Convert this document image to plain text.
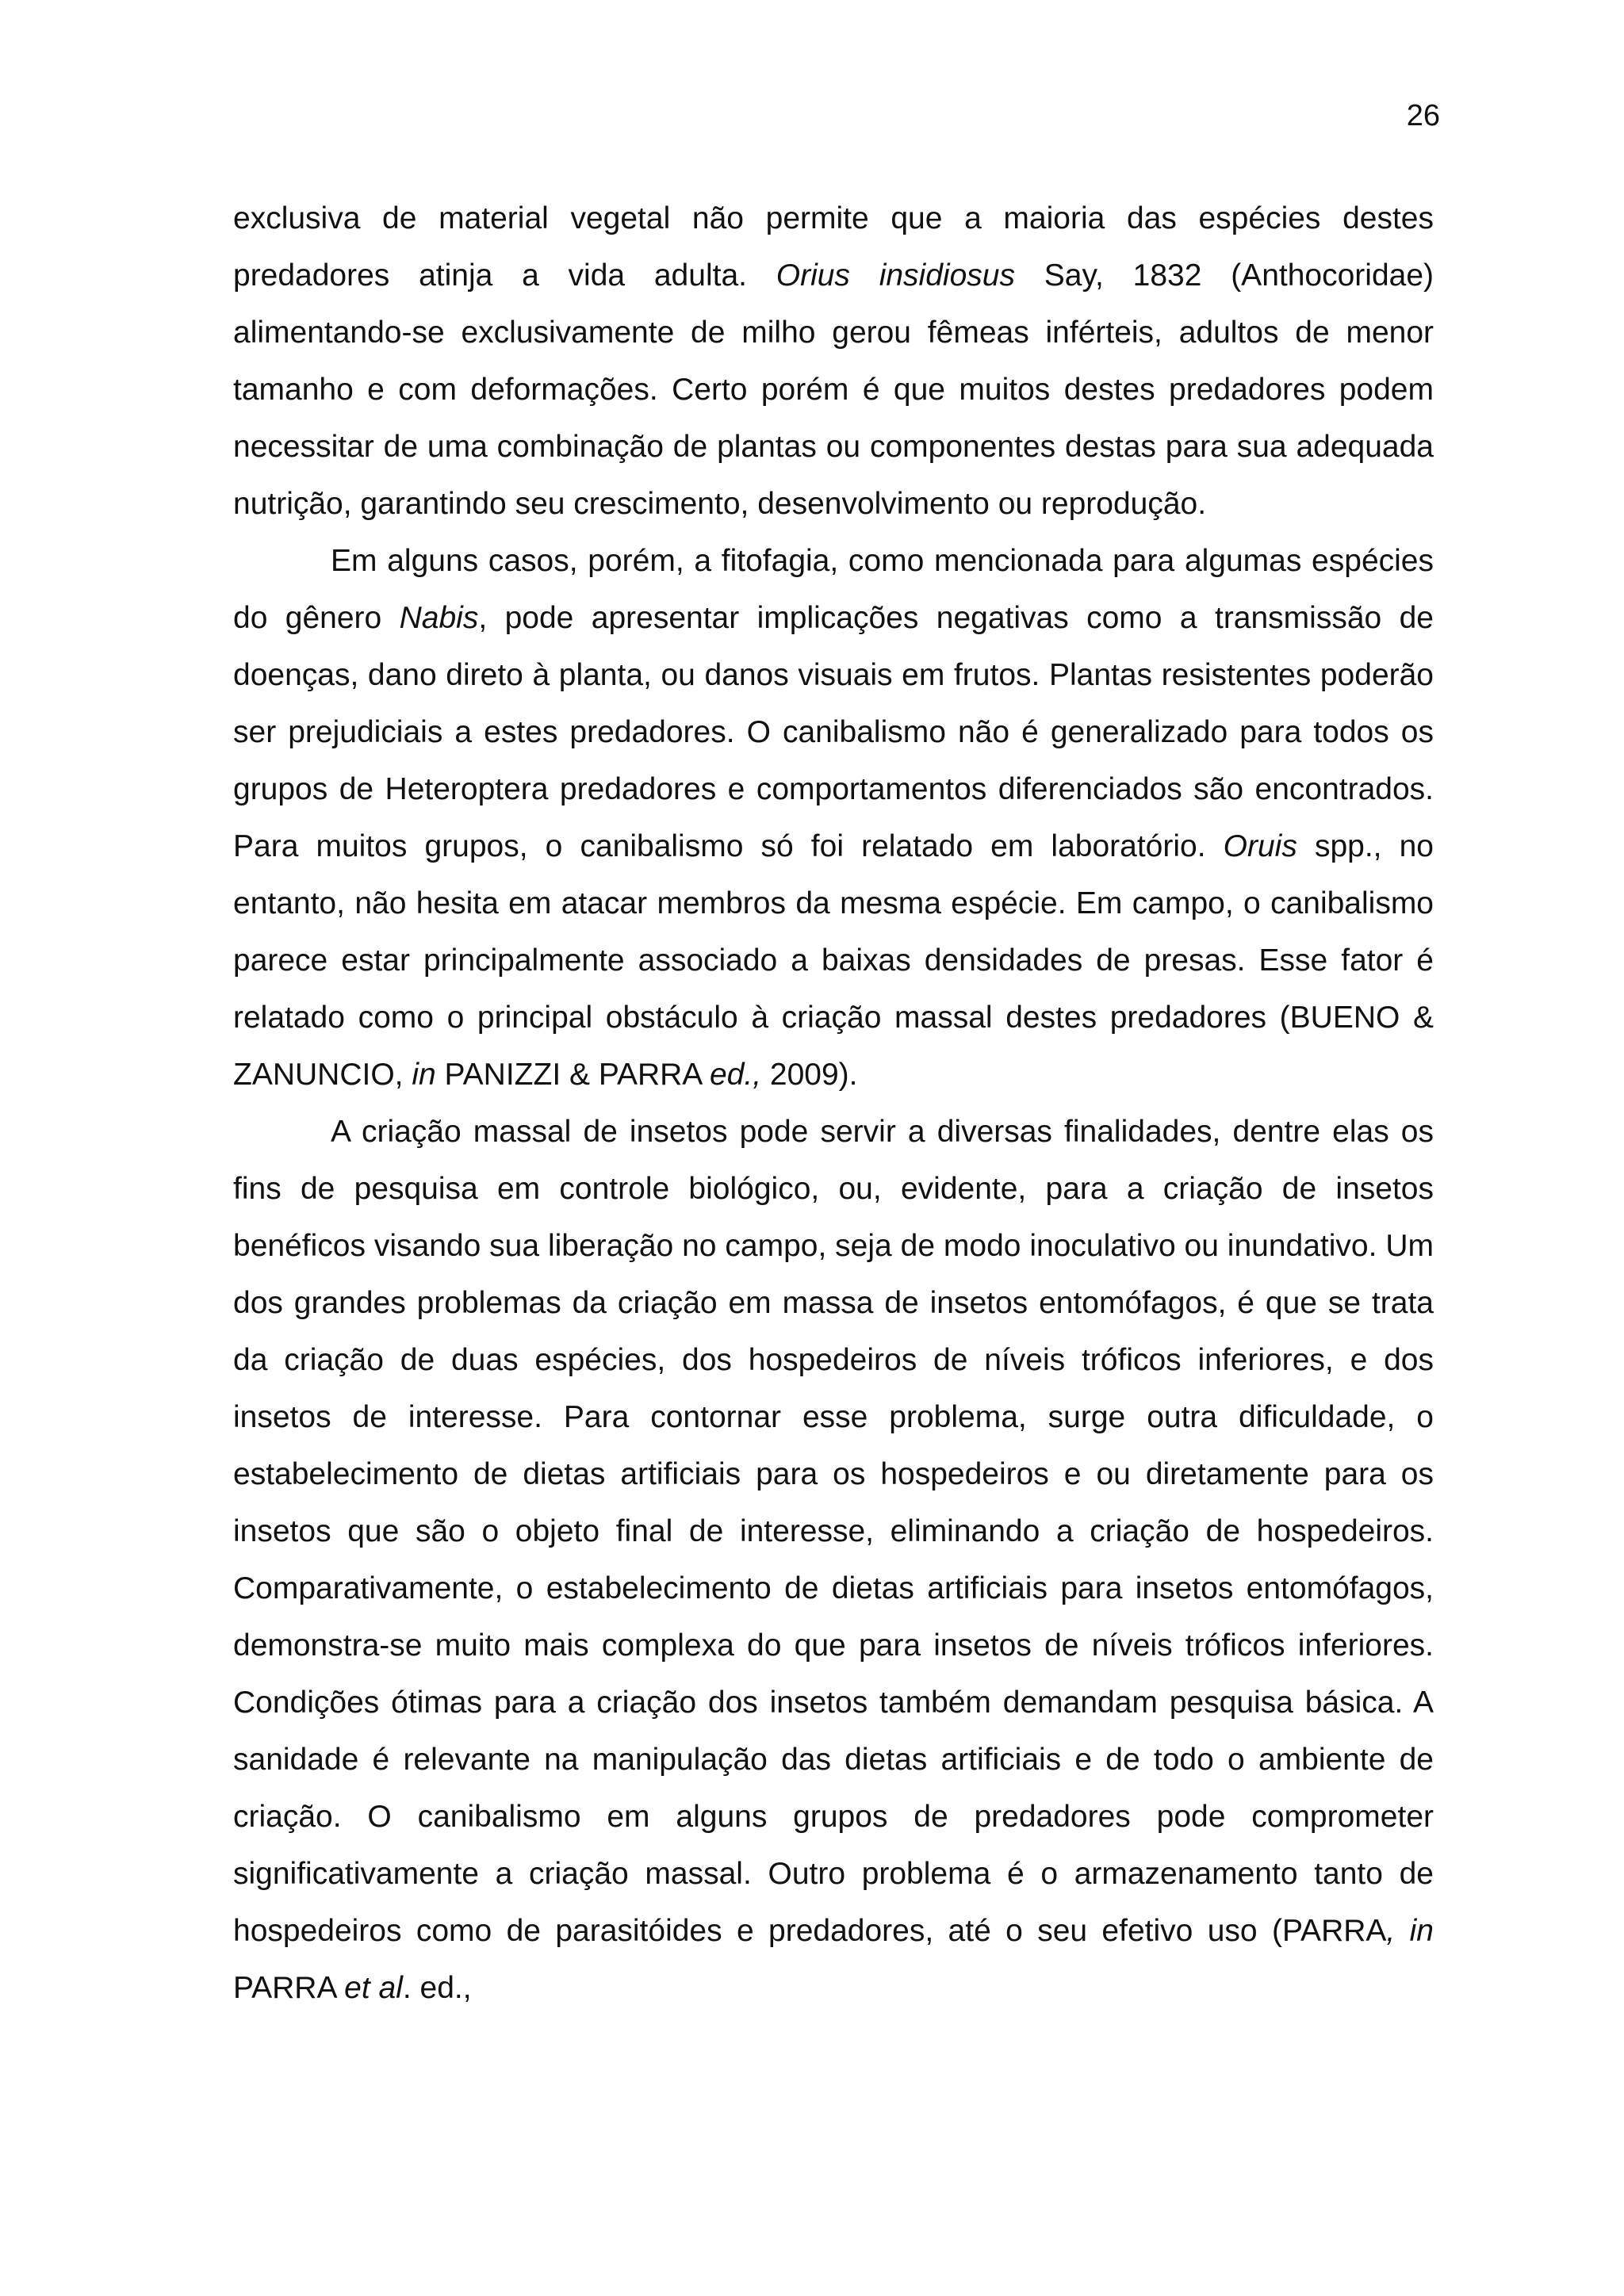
26

exclusiva de material vegetal não permite que a maioria das espécies destes predadores atinja a vida adulta. Orius insidiosus Say, 1832 (Anthocoridae) alimentando-se exclusivamente de milho gerou fêmeas inférteis, adultos de menor tamanho e com deformações. Certo porém é que muitos destes predadores podem necessitar de uma combinação de plantas ou componentes destas para sua adequada nutrição, garantindo seu crescimento, desenvolvimento ou reprodução.

Em alguns casos, porém, a fitofagia, como mencionada para algumas espécies do gênero Nabis, pode apresentar implicações negativas como a transmissão de doenças, dano direto à planta, ou danos visuais em frutos. Plantas resistentes poderão ser prejudiciais a estes predadores. O canibalismo não é generalizado para todos os grupos de Heteroptera predadores e comportamentos diferenciados são encontrados. Para muitos grupos, o canibalismo só foi relatado em laboratório. Oruis spp., no entanto, não hesita em atacar membros da mesma espécie. Em campo, o canibalismo parece estar principalmente associado a baixas densidades de presas. Esse fator é relatado como o principal obstáculo à criação massal destes predadores (BUENO & ZANUNCIO, in PANIZZI & PARRA ed., 2009).

A criação massal de insetos pode servir a diversas finalidades, dentre elas os fins de pesquisa em controle biológico, ou, evidente, para a criação de insetos benéficos visando sua liberação no campo, seja de modo inoculativo ou inundativo. Um dos grandes problemas da criação em massa de insetos entomófagos, é que se trata da criação de duas espécies, dos hospedeiros de níveis tróficos inferiores, e dos insetos de interesse. Para contornar esse problema, surge outra dificuldade, o estabelecimento de dietas artificiais para os hospedeiros e ou diretamente para os insetos que são o objeto final de interesse, eliminando a criação de hospedeiros. Comparativamente, o estabelecimento de dietas artificiais para insetos entomófagos, demonstra-se muito mais complexa do que para insetos de níveis tróficos inferiores. Condições ótimas para a criação dos insetos também demandam pesquisa básica. A sanidade é relevante na manipulação das dietas artificiais e de todo o ambiente de criação. O canibalismo em alguns grupos de predadores pode comprometer significativamente a criação massal. Outro problema é o armazenamento tanto de hospedeiros como de parasitóides e predadores, até o seu efetivo uso (PARRA, in PARRA et al. ed.,
